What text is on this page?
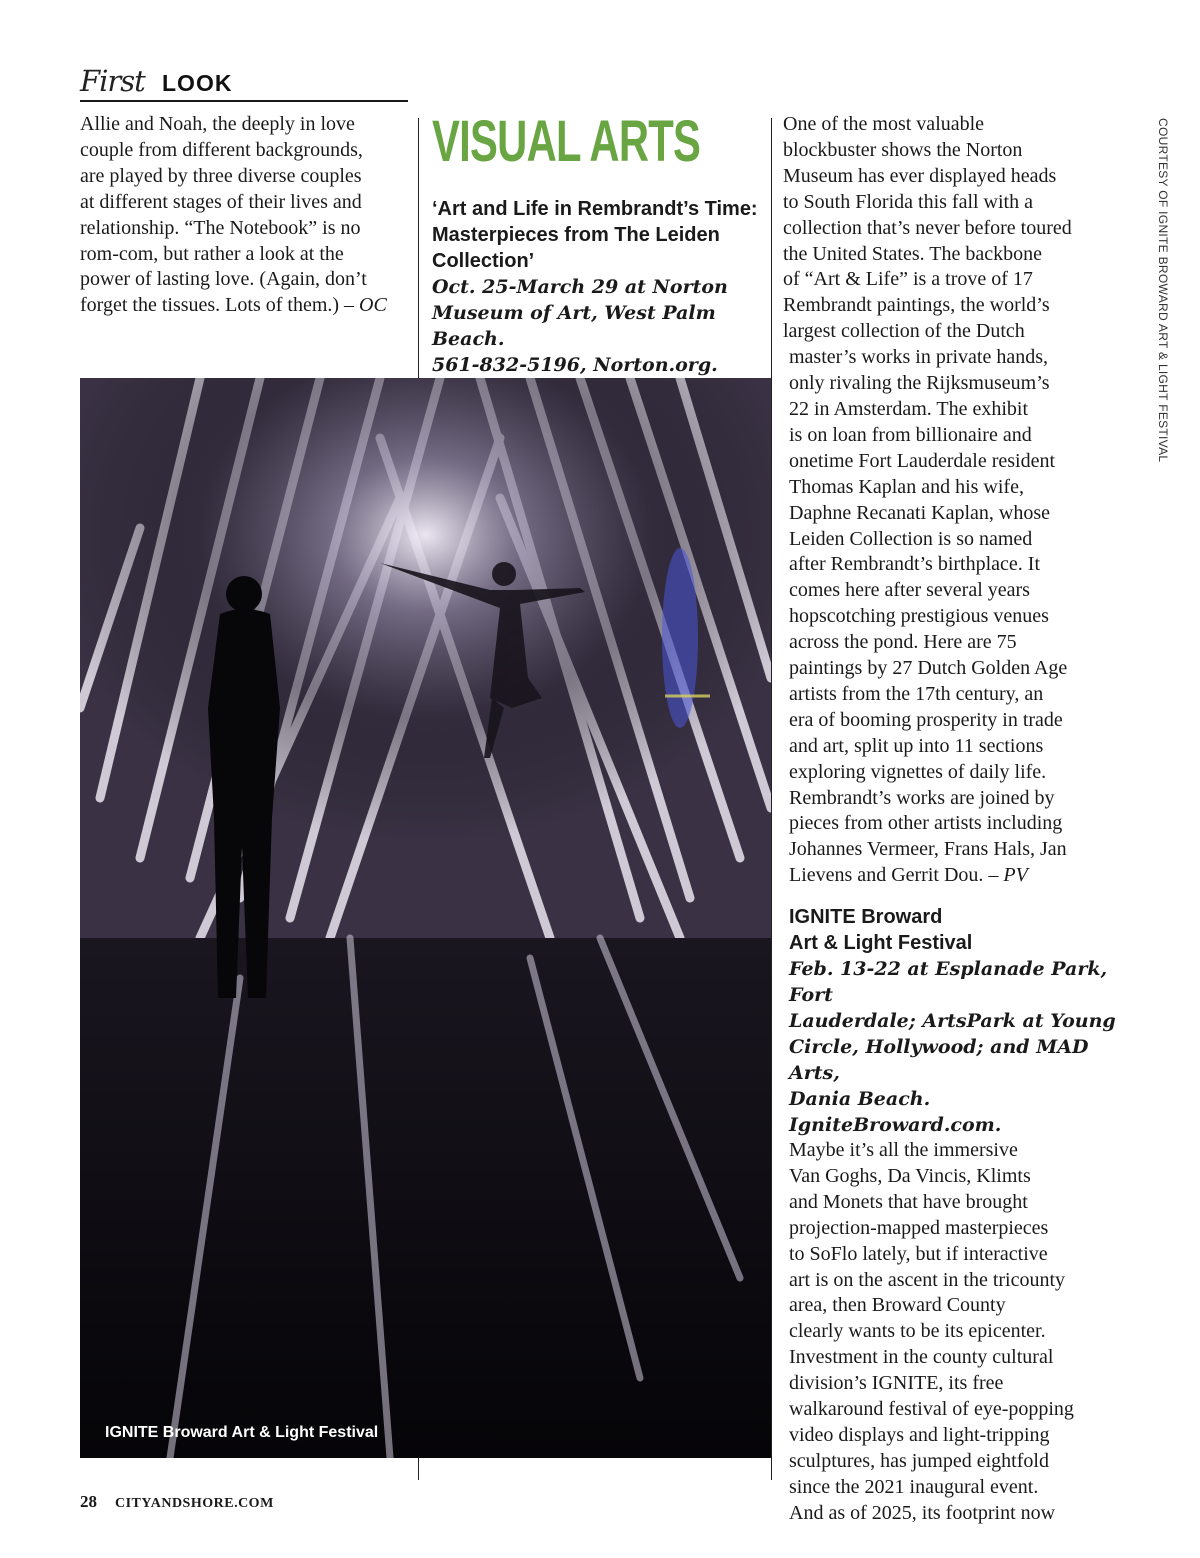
First LOOK
Allie and Noah, the deeply in love
couple from different backgrounds,
are played by three diverse couples
at different stages of their lives and
relationship. “The Notebook” is no
rom-com, but rather a look at the
power of lasting love. (Again, don’t
forget the tissues. Lots of them.) – OC
VISUAL ARTS
‘Art and Life in Rembrandt’s Time:
Masterpieces from The Leiden
Collection’
Oct. 25-March 29 at Norton
Museum of Art, West Palm Beach.
561-832-5196, Norton.org.
One of the most valuable
blockbuster shows the Norton
Museum has ever displayed heads
to South Florida this fall with a
collection that’s never before toured
the United States. The backbone
of “Art & Life” is a trove of 17
Rembrandt paintings, the world’s
largest collection of the Dutch
master’s works in private hands,
only rivaling the Rijksmuseum’s
22 in Amsterdam. The exhibit
is on loan from billionaire and
onetime Fort Lauderdale resident
Thomas Kaplan and his wife,
Daphne Recanati Kaplan, whose
Leiden Collection is so named
after Rembrandt’s birthplace. It
comes here after several years
hopscotching prestigious venues
across the pond. Here are 75
paintings by 27 Dutch Golden Age
artists from the 17th century, an
era of booming prosperity in trade
and art, split up into 11 sections
exploring vignettes of daily life.
Rembrandt’s works are joined by
pieces from other artists including
Johannes Vermeer, Frans Hals, Jan
Lievens and Gerrit Dou. – PV
IGNITE Broward
Art & Light Festival
Feb. 13-22 at Esplanade Park, Fort
Lauderdale; ArtsPark at Young
Circle, Hollywood; and MAD Arts,
Dania Beach. IgniteBroward.com.
Maybe it’s all the immersive
Van Goghs, Da Vincis, Klimts
and Monets that have brought
projection-mapped masterpieces
to SoFlo lately, but if interactive
art is on the ascent in the tricounty
area, then Broward County
clearly wants to be its epicenter.
Investment in the county cultural
division’s IGNITE, its free
walkaround festival of eye-popping
video displays and light-tripping
sculptures, has jumped eightfold
since the 2021 inaugural event.
And as of 2025, its footprint now
IGNITE Broward Art & Light Festival
COURTESY OF IGNITE BROWARD ART & LIGHT FESTIVAL
28 CITYANDSHORE.COM
